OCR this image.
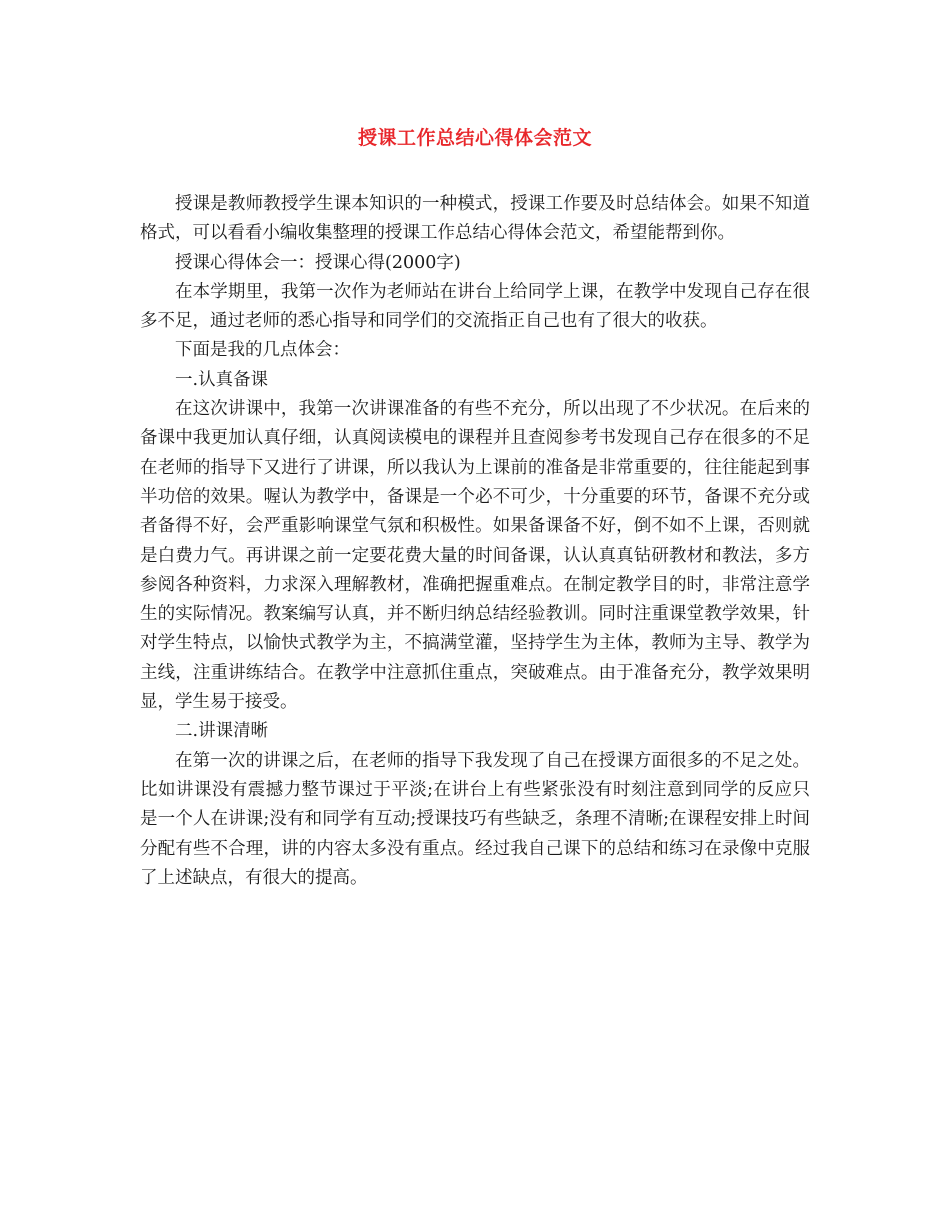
授课工作总结心得体会范文

授课是教师教授学生课本知识的一种模式，授课工作要及时总结体会。如果不知道格式，可以看看小编收集整理的授课工作总结心得体会范文，希望能帮到你。

授课心得体会一：授课心得(2000字)

在本学期里，我第一次作为老师站在讲台上给同学上课，在教学中发现自己存在很多不足，通过老师的悉心指导和同学们的交流指正自己也有了很大的收获。

下面是我的几点体会：

一.认真备课

在这次讲课中，我第一次讲课准备的有些不充分，所以出现了不少状况。在后来的备课中我更加认真仔细，认真阅读模电的课程并且查阅参考书发现自己存在很多的不足在老师的指导下又进行了讲课，所以我认为上课前的准备是非常重要的，往往能起到事半功倍的效果。喔认为教学中，备课是一个必不可少，十分重要的环节，备课不充分或者备得不好，会严重影响课堂气氛和积极性。如果备课备不好，倒不如不上课，否则就是白费力气。再讲课之前一定要花费大量的时间备课，认认真真钻研教材和教法，多方参阅各种资料，力求深入理解教材，准确把握重难点。在制定教学目的时，非常注意学生的实际情况。教案编写认真，并不断归纳总结经验教训。同时注重课堂教学效果，针对学生特点，以愉快式教学为主，不搞满堂灌，坚持学生为主体，教师为主导、教学为主线，注重讲练结合。在教学中注意抓住重点，突破难点。由于准备充分，教学效果明显，学生易于接受。

二.讲课清晰

在第一次的讲课之后，在老师的指导下我发现了自己在授课方面很多的不足之处。比如讲课没有震撼力整节课过于平淡;在讲台上有些紧张没有时刻注意到同学的反应只是一个人在讲课;没有和同学有互动;授课技巧有些缺乏，条理不清晰;在课程安排上时间分配有些不合理，讲的内容太多没有重点。经过我自己课下的总结和练习在录像中克服了上述缺点，有很大的提高。
